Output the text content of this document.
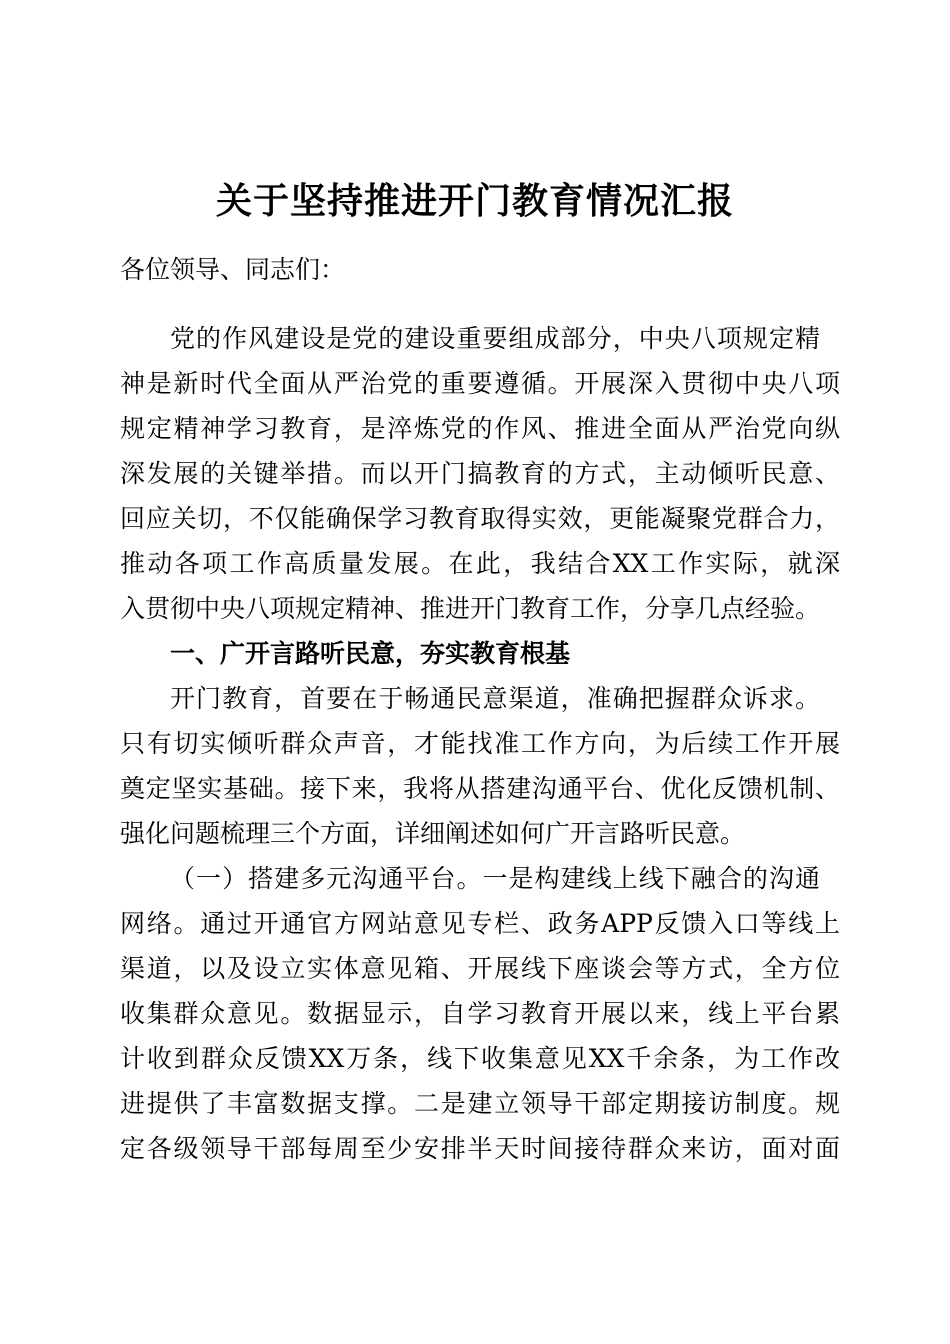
关于坚持推进开门教育情况汇报
各位领导、同志们：
党的作风建设是党的建设重要组成部分，中央八项规定精
神是新时代全面从严治党的重要遵循。开展深入贯彻中央八项
规定精神学习教育，是淬炼党的作风、推进全面从严治党向纵
深发展的关键举措。而以开门搞教育的方式，主动倾听民意、
回应关切，不仅能确保学习教育取得实效，更能凝聚党群合力，
推动各项工作高质量发展。在此，我结合XX工作实际，就深
入贯彻中央八项规定精神、推进开门教育工作，分享几点经验。
一、广开言路听民意，夯实教育根基
开门教育，首要在于畅通民意渠道，准确把握群众诉求。
只有切实倾听群众声音，才能找准工作方向，为后续工作开展
奠定坚实基础。接下来，我将从搭建沟通平台、优化反馈机制、
强化问题梳理三个方面，详细阐述如何广开言路听民意。
（一）搭建多元沟通平台。一是构建线上线下融合的沟通
网络。通过开通官方网站意见专栏、政务APP反馈入口等线上
渠道，以及设立实体意见箱、开展线下座谈会等方式，全方位
收集群众意见。数据显示，自学习教育开展以来，线上平台累
计收到群众反馈XX万条，线下收集意见XX千余条，为工作改
进提供了丰富数据支撑。二是建立领导干部定期接访制度。规
定各级领导干部每周至少安排半天时间接待群众来访，面对面
